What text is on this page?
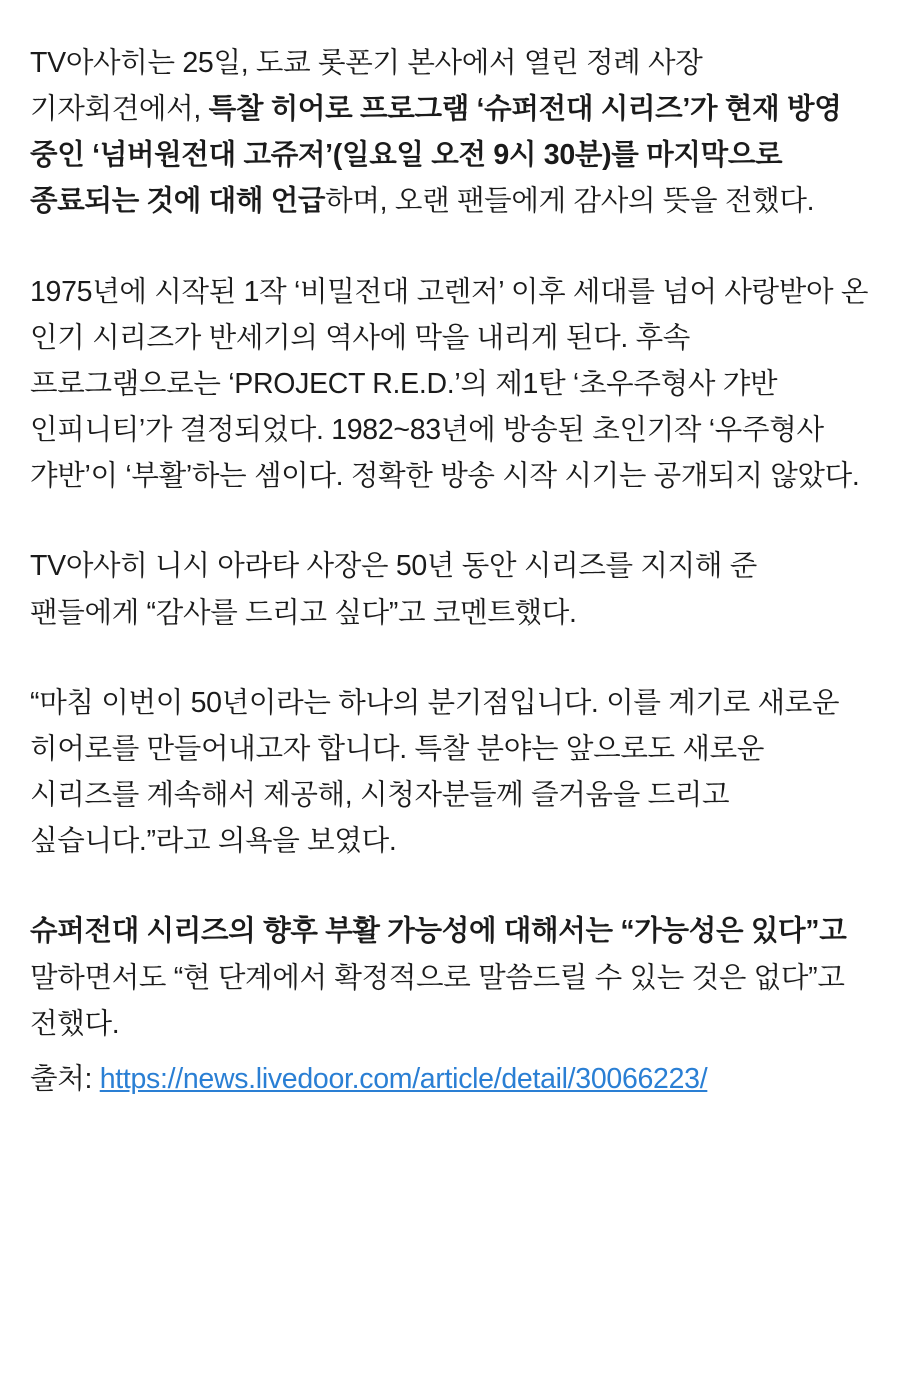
TV아사히는 25일, 도쿄 롯폰기 본사에서 열린 정례 사장 기자회견에서, 특찰 히어로 프로그램 ‘슈퍼전대 시리즈’가 현재 방영 중인 ‘넘버원전대 고쥬저’(일요일 오전 9시 30분)를 마지막으로 종료되는 것에 대해 언급하며, 오랜 팬들에게 감사의 뜻을 전했다.
1975년에 시작된 1작 ‘비밀전대 고렌저’ 이후 세대를 넘어 사랑받아 온 인기 시리즈가 반세기의 역사에 막을 내리게 된다. 후속 프로그램으로는 ‘PROJECT R.E.D.’의 제1탄 ‘초우주형사 갸반 인피니티’가 결정되었다. 1982~83년에 방송된 초인기작 ‘우주형사 갸반’이 ‘부활’하는 셈이다. 정확한 방송 시작 시기는 공개되지 않았다.
TV아사히 니시 아라타 사장은 50년 동안 시리즈를 지지해 준 팬들에게 “감사를 드리고 싶다”고 코멘트했다.
“마침 이번이 50년이라는 하나의 분기점입니다. 이를 계기로 새로운 히어로를 만들어내고자 합니다. 특찰 분야는 앞으로도 새로운 시리즈를 계속해서 제공해, 시청자분들께 즐거움을 드리고 싶습니다.”라고 의욕을 보였다.
슈퍼전대 시리즈의 향후 부활 가능성에 대해서는 “가능성은 있다”고 말하면서도 “현 단계에서 확정적으로 말씀드릴 수 있는 것은 없다”고 전했다.
출처: https://news.livedoor.com/article/detail/30066223/
